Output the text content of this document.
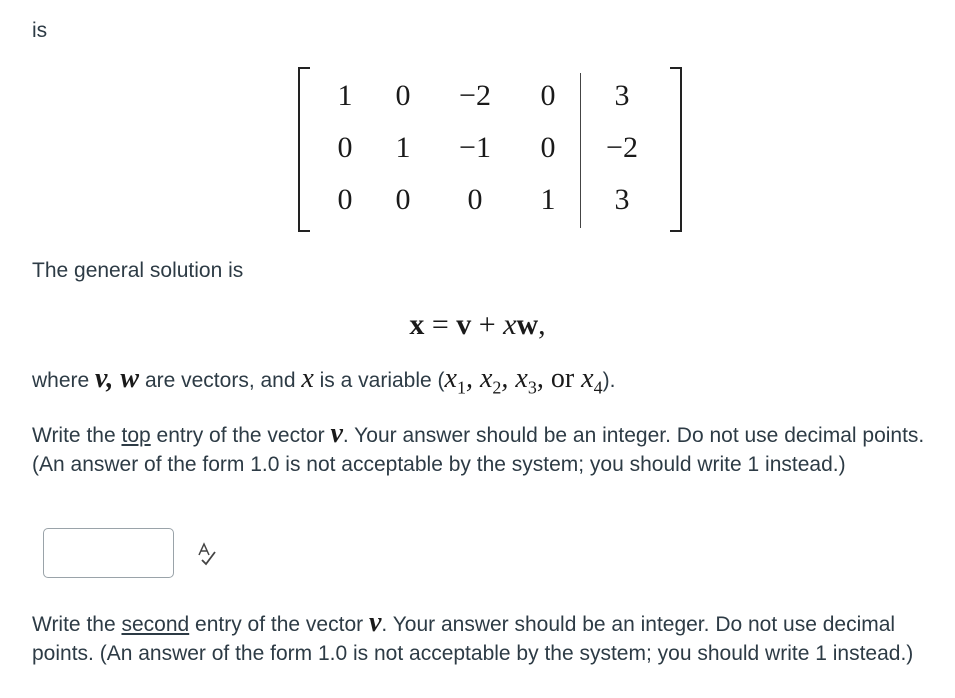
is
1	0	−2	0	3
0	1	−1	0	−2
0	0	0	1	3
The general solution is
x = v + xw,
where v, w are vectors, and x is a variable ($x_1$, $x_2$, $x_3$, or $x_4$).
Write the top entry of the vector v. Your answer should be an integer. Do not use decimal points. (An answer of the form 1.0 is not acceptable by the system; you should write 1 instead.)
Write the second entry of the vector v. Your answer should be an integer. Do not use decimal points. (An answer of the form 1.0 is not acceptable by the system; you should write 1 instead.)
